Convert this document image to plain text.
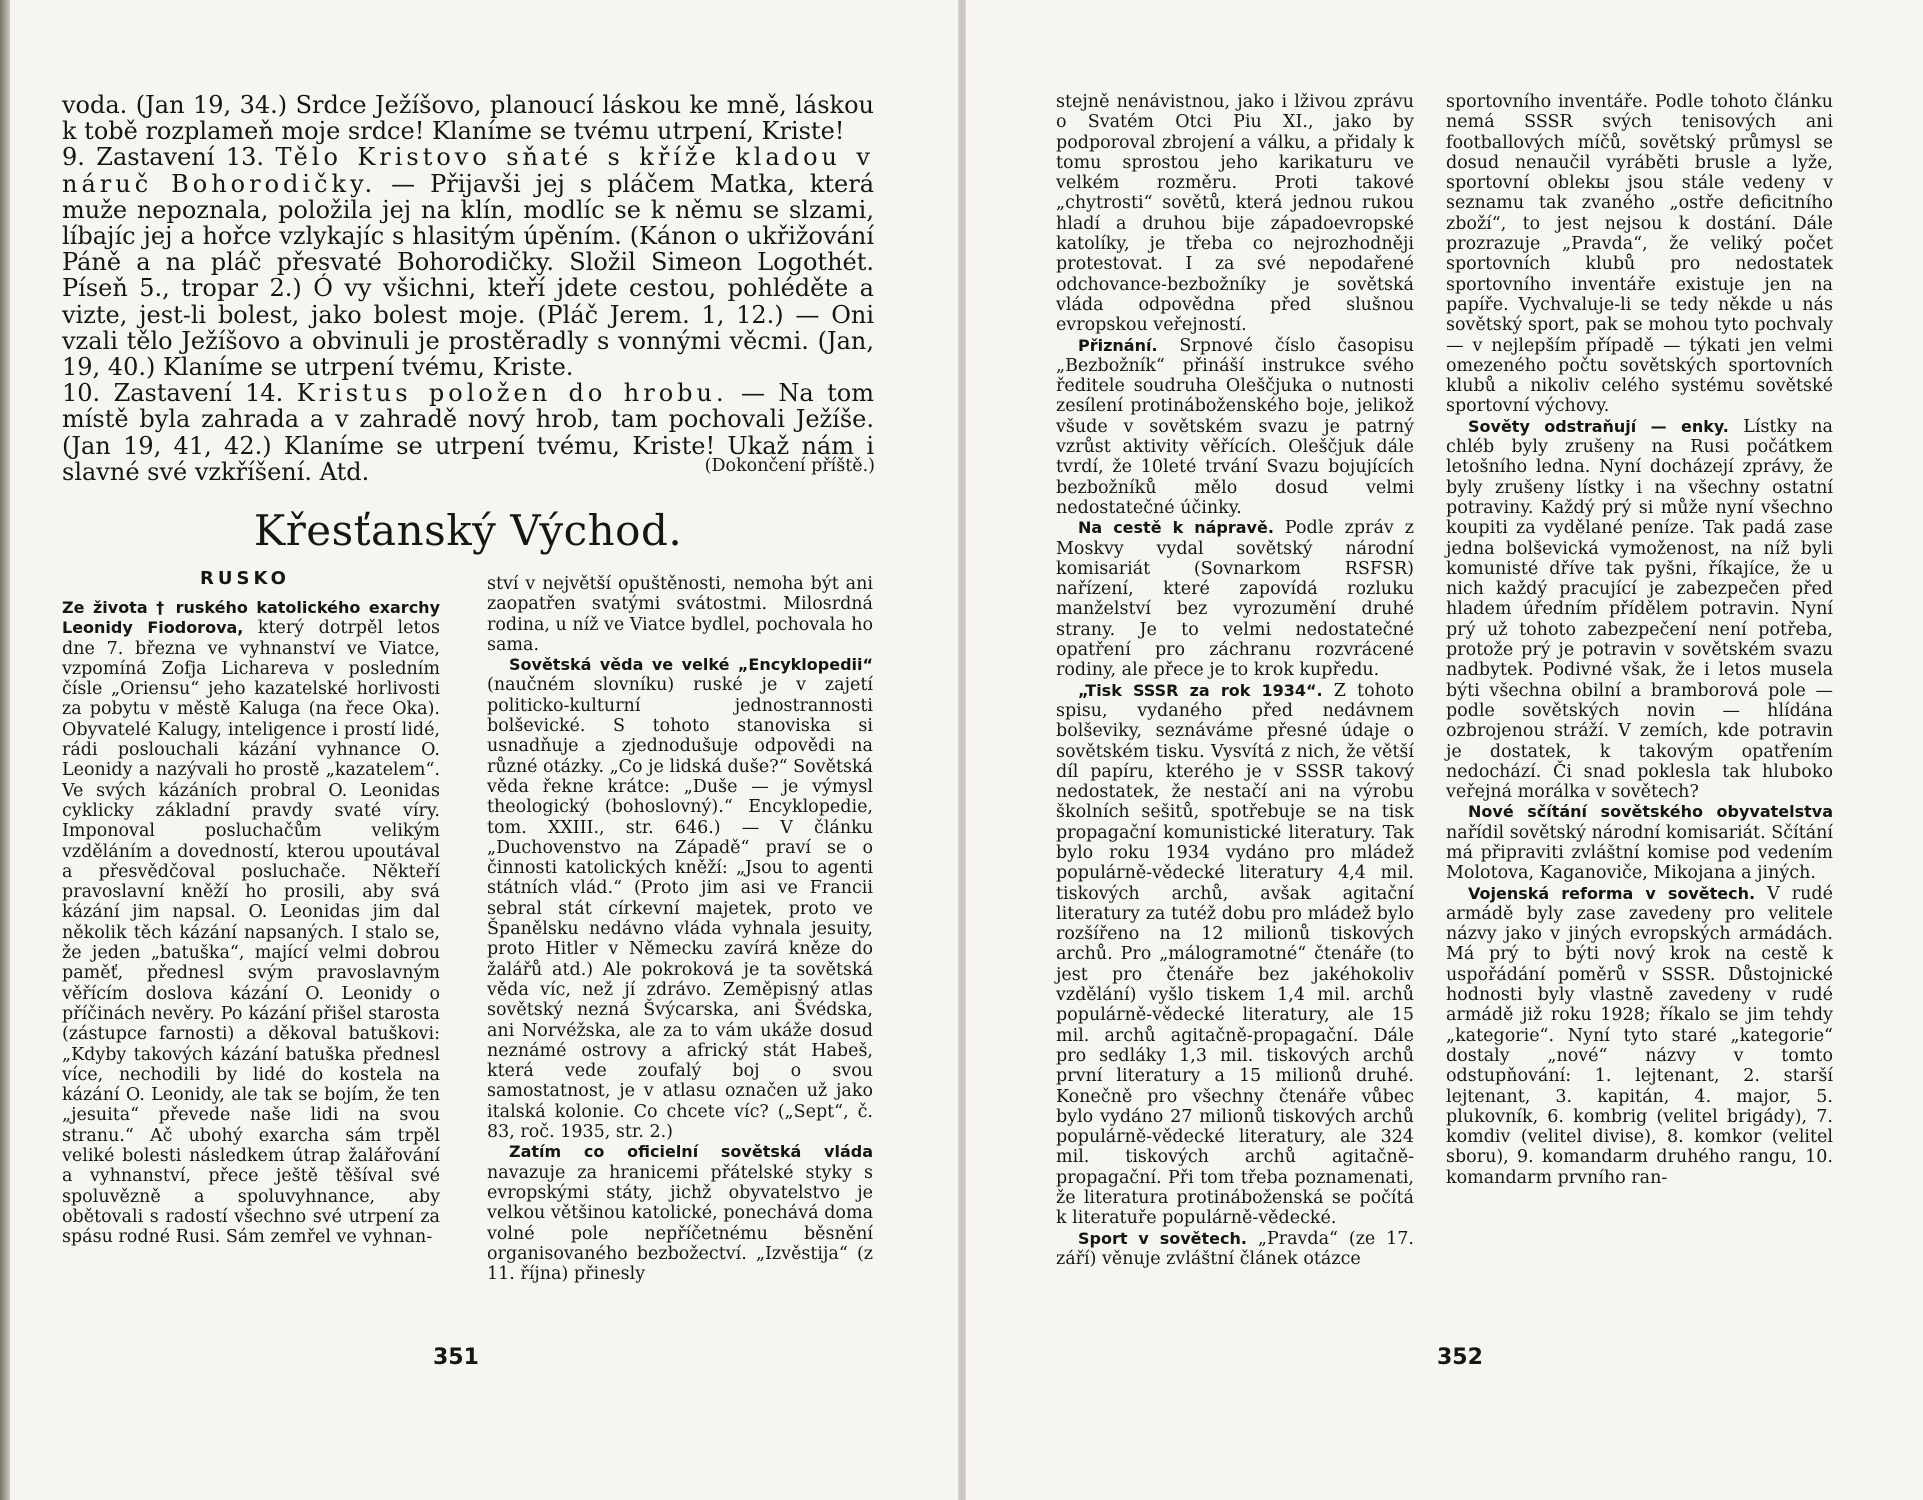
voda. (Jan 19, 34.) Srdce Ježíšovo, planoucí láskou ke mně, láskou k tobě rozplameň moje srdce! Klaníme se tvému utrpení, Kriste!

9. Zastavení 13. Tělo Kristovo sňaté s kříže kladou v náruč Bohorodičky. — Přijavši jej s pláčem Matka, která muže nepoznala, položila jej na klín, modlíc se k němu se slzami, líbajíc jej a hořce vzlykajíc s hlasitým úpěním. (Kánon o ukřižování Páně a na pláč přesvaté Bohorodičky. Složil Simeon Logothét. Píseň 5., tropar 2.) Ó vy všichni, kteří jdete cestou, pohléděte a vizte, jest-li bolest, jako bolest moje. (Pláč Jerem. 1, 12.) — Oni vzali tělo Ježíšovo a obvinuli je prostěradly s vonnými věcmi. (Jan, 19, 40.) Klaníme se utrpení tvému, Kriste.

10. Zastavení 14. Kristus položen do hrobu. — Na tom místě byla zahrada a v zahradě nový hrob, tam pochovali Ježíše. (Jan 19, 41, 42.) Klaníme se utrpení tvému, Kriste! Ukaž nám i slavné své vzkříšení. Atd.	(Dokončení příště.)
Křesťanský Východ.
RUSKO

Ze života † ruského katolického exarchy Leonidy Fiodorova, který dotrpěl letos dne 7. března ve vyhnanství ve Viatce, vzpomíná Zofja Lichareva v posledním čísle „Oriensu“ jeho kazatelské horlivosti za pobytu v městě Kaluga (na řece Oka). Obyvatelé Kalugy, inteligence i prostí lidé, rádi poslouchali kázání vyhnance O. Leonidy a nazývali ho prostě „kazatelem“. Ve svých kázáních probral O. Leonidas cyklicky základní pravdy svaté víry. Imponoval posluchačům velikým vzděláním a dovedností, kterou upoutával a přesvědčoval posluchače. Někteří pravoslavní kněží ho prosili, aby svá kázání jim napsal. O. Leonidas jim dal několik těch kázání napsaných. I stalo se, že jeden „batuška“, mající velmi dobrou paměť, přednesl svým pravoslavným věřícím doslova kázání O. Leonidy o příčinách nevěry. Po kázání přišel starosta (zástupce farnosti) a děkoval batuškovi: „Kdyby takových kázání batuška přednesl více, nechodili by lidé do kostela na kázání O. Leonidy, ale tak se bojím, že ten „jesuita“ převede naše lidi na svou stranu.“ Ač ubohý exarcha sám trpěl veliké bolesti následkem útrap žalářování a vyhnanství, přece ještě těšíval své spoluvězně a spoluvyhnance, aby obětovali s radostí všechno své utrpení za spásu rodné Rusi. Sám zemřel ve vyhnan-

ství v největší opuštěnosti, nemoha být ani zaopatřen svatými svátostmi. Milosrdná rodina, u níž ve Viatce bydlel, pochovala ho sama.

Sovětská věda ve velké „Encyklopedii“ (naučném slovníku) ruské je v zajetí politicko-kulturní jednostrannosti bolševické. S tohoto stanoviska si usnadňuje a zjednodušuje odpovědi na různé otázky. „Co je lidská duše?“ Sovětská věda řekne krátce: „Duše — je výmysl theologický (bohoslovný).“ Encyklopedie, tom. XXIII., str. 646.) — V článku „Duchovenstvo na Západě“ praví se o činnosti katolických kněží: „Jsou to agenti státních vlád.“ (Proto jim asi ve Francii sebral stát církevní majetek, proto ve Španělsku nedávno vláda vyhnala jesuity, proto Hitler v Německu zavírá kněze do žalářů atd.) Ale pokroková je ta sovětská věda víc, než jí zdrávo. Zeměpisný atlas sovětský nezná Švýcarska, ani Švédska, ani Norvéžska, ale za to vám ukáže dosud neznámé ostrovy a africký stát Habeš, která vede zoufalý boj o svou samostatnost, je v atlasu označen už jako italská kolonie. Co chcete víc? („Sept“, č. 83, roč. 1935, str. 2.)

Zatím co oficielní sovětská vláda navazuje za hranicemi přátelské styky s evropskými státy, jichž obyvatelstvo je velkou většinou katolické, ponechává doma volné pole nepříčetnému běsnění organisovaného bezbožectví. „Izvěstija“ (z 11. října) přinesly

351

stejně nenávistnou, jako i lživou zprávu o Svatém Otci Piu XI., jako by podporoval zbrojení a válku, a přidaly k tomu sprostou jeho karikaturu ve velkém rozměru. Proti takové „chytrosti“ sovětů, která jednou rukou hladí a druhou bije západoevropské katolíky, je třeba co nejrozhodněji protestovat. I za své nepodařené odchovance-bezbožníky je sovětská vláda odpovědna před slušnou evropskou veřejností.

Přiznání. Srpnové číslo časopisu „Bezbožník“ přináší instrukce svého ředitele soudruha Oleščjuka o nutnosti zesílení protináboženského boje, jelikož všude v sovětském svazu je patrný vzrůst aktivity věřících. Oleščjuk dále tvrdí, že 10leté trvání Svazu bojujících bezbožníků mělo dosud velmi nedostatečné účinky.

Na cestě k nápravě. Podle zpráv z Moskvy vydal sovětský národní komisariát (Sovnarkom RSFSR) nařízení, které zapovídá rozluku manželství bez vyrozumění druhé strany. Je to velmi nedostatečné opatření pro záchranu rozvrácené rodiny, ale přece je to krok kupředu.

„Tisk SSSR za rok 1934“. Z tohoto spisu, vydaného před nedávnem bolševiky, seznáváme přesné údaje o sovětském tisku. Vysvítá z nich, že větší díl papíru, kterého je v SSSR takový nedostatek, že nestačí ani na výrobu školních sešitů, spotřebuje se na tisk propagační komunistické literatury. Tak bylo roku 1934 vydáno pro mládež populárně-vědecké literatury 4,4 mil. tiskových archů, avšak agitační literatury za tutéž dobu pro mládež bylo rozšířeno na 12 milionů tiskových archů. Pro „málogramotné“ čtenáře (to jest pro čtenáře bez jakéhokoliv vzdělání) vyšlo tiskem 1,4 mil. archů populárně-vědecké literatury, ale 15 mil. archů agitačně-propagační. Dále pro sedláky 1,3 mil. tiskových archů první literatury a 15 milionů druhé. Konečně pro všechny čtenáře vůbec bylo vydáno 27 milionů tiskových archů populárně-vědecké literatury, ale 324 mil. tiskových archů agitačně-propagační. Při tom třeba poznamenati, že literatura protináboženská se počítá k literatuře populárně-vědecké.

Sport v sovětech. „Pravda“ (ze 17. září) věnuje zvláštní článek otázce

sportovního inventáře. Podle tohoto článku nemá SSSR svých tenisových ani footballových míčů, sovětský průmysl se dosud nenaučil vyráběti brusle a lyže, sportovní oblekы jsou stále vedeny v seznamu tak zvaného „ostře deficitního zboží“, to jest nejsou k dostání. Dále prozrazuje „Pravda“, že veliký počet sportovních klubů pro nedostatek sportovního inventáře existuje jen na papíře. Vychvaluje-li se tedy někde u nás sovětský sport, pak se mohou tyto pochvaly — v nejlepším případě — týkati jen velmi omezeného počtu sovětských sportovních klubů a nikoliv celého systému sovětské sportovní výchovy.

Sověty odstraňují — enky. Lístky na chléb byly zrušeny na Rusi počátkem letošního ledna. Nyní docházejí zprávy, že byly zrušeny lístky i na všechny ostatní potraviny. Každý prý si může nyní všechno koupiti za vydělané peníze. Tak padá zase jedna bolševická vymoženost, na níž byli komunisté dříve tak pyšni, říkajíce, že u nich každý pracující je zabezpečen před hladem úředním přídělem potravin. Nyní prý už tohoto zabezpečení není potřeba, protože prý je potravin v sovětském svazu nadbytek. Podivné však, že i letos musela býti všechna obilní a bramborová pole — podle sovětských novin — hlídána ozbrojenou stráží. V zemích, kde potravin je dostatek, k takovým opatřením nedochází. Či snad poklesla tak hluboko veřejná morálka v sovětech?

Nové sčítání sovětského obyvatelstva nařídil sovětský národní komisariát. Sčítání má připraviti zvláštní komise pod vedením Molotova, Kaganoviče, Mikojana a jiných.

Vojenská reforma v sovětech. V rudé armádě byly zase zavedeny pro velitele názvy jako v jiných evropských armádách. Má prý to býti nový krok na cestě k uspořádání poměrů v SSSR. Důstojnické hodnosti byly vlastně zavedeny v rudé armádě již roku 1928; říkalo se jim tehdy „kategorie“. Nyní tyto staré „kategorie“ dostaly „nové“ názvy v tomto odstupňování: 1. lejtenant, 2. starší lejtenant, 3. kapitán, 4. major, 5. plukovník, 6. kombrig (velitel brigády), 7. komdiv (velitel divise), 8. komkor (velitel sboru), 9. komandarm druhého rangu, 10. komandarm prvního ran-

352
